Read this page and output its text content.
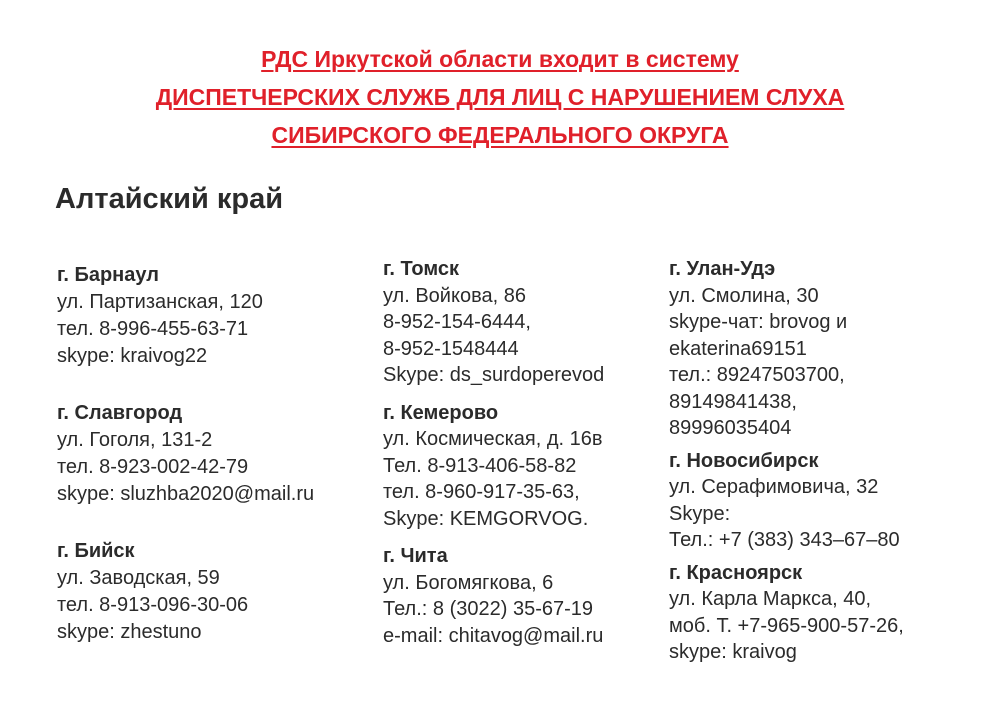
РДС Иркутской области входит в систему
ДИСПЕТЧЕРСКИХ СЛУЖБ ДЛЯ ЛИЦ С НАРУШЕНИЕМ СЛУХА
СИБИРСКОГО ФЕДЕРАЛЬНОГО ОКРУГА
Алтайский край
г. Барнаул
ул. Партизанская, 120
тел. 8-996-455-63-71
skype: kraivog22
г. Славгород
ул. Гоголя, 131-2
тел. 8-923-002-42-79
skype: sluzhba2020@mail.ru
г. Бийск
ул. Заводская, 59
тел. 8-913-096-30-06
skype: zhestuno
г. Томск
ул. Войкова, 86
8-952-154-6444,
8-952-1548444
Skype: ds_surdoperevod
г. Кемерово
ул. Космическая, д. 16в
Тел. 8-913-406-58-82
тел. 8-960-917-35-63,
Skype: KEMGORVOG.
г. Чита
ул. Богомягкова, 6
Тел.: 8 (3022) 35-67-19
e-mail: chitavog@mail.ru
г. Улан-Удэ
ул. Смолина, 30
skype-чат: brovog и
ekaterina69151
тел.: 89247503700,
89149841438,
89996035404
г. Новосибирск
ул. Серафимовича, 32
Skype:
Тел.: +7 (383) 343–67–80
г. Красноярск
ул. Карла Маркса, 40,
моб. Т. +7-965-900-57-26,
skype: kraivog
